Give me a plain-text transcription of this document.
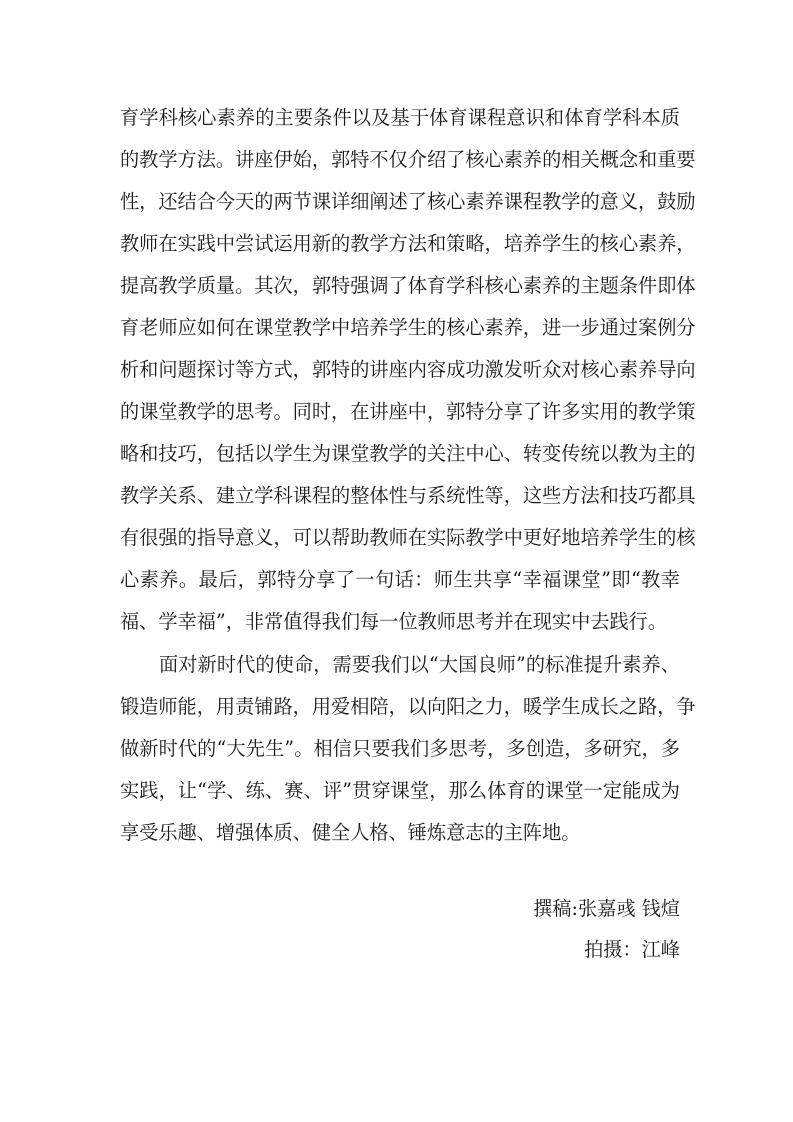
育学科核心素养的主要条件以及基于体育课程意识和体育学科本质
的教学方法。讲座伊始，郭特不仅介绍了核心素养的相关概念和重要
性，还结合今天的两节课详细阐述了核心素养课程教学的意义，鼓励
教师在实践中尝试运用新的教学方法和策略，培养学生的核心素养，
提高教学质量。其次，郭特强调了体育学科核心素养的主题条件即体
育老师应如何在课堂教学中培养学生的核心素养，进一步通过案例分
析和问题探讨等方式，郭特的讲座内容成功激发听众对核心素养导向
的课堂教学的思考。同时，在讲座中，郭特分享了许多实用的教学策
略和技巧，包括以学生为课堂教学的关注中心、转变传统以教为主的
教学关系、建立学科课程的整体性与系统性等，这些方法和技巧都具
有很强的指导意义，可以帮助教师在实际教学中更好地培养学生的核
心素养。最后，郭特分享了一句话：师生共享“幸福课堂”即“教幸
福、学幸福”，非常值得我们每一位教师思考并在现实中去践行。
面对新时代的使命，需要我们以“大国良师”的标准提升素养、
锻造师能，用责铺路，用爱相陪，以向阳之力，暖学生成长之路，争
做新时代的“大先生”。相信只要我们多思考，多创造，多研究，多
实践，让“学、练、赛、评”贯穿课堂，那么体育的课堂一定能成为
享受乐趣、增强体质、健全人格、锤炼意志的主阵地。
撰稿:张嘉彧 钱煊
拍摄：江峰
